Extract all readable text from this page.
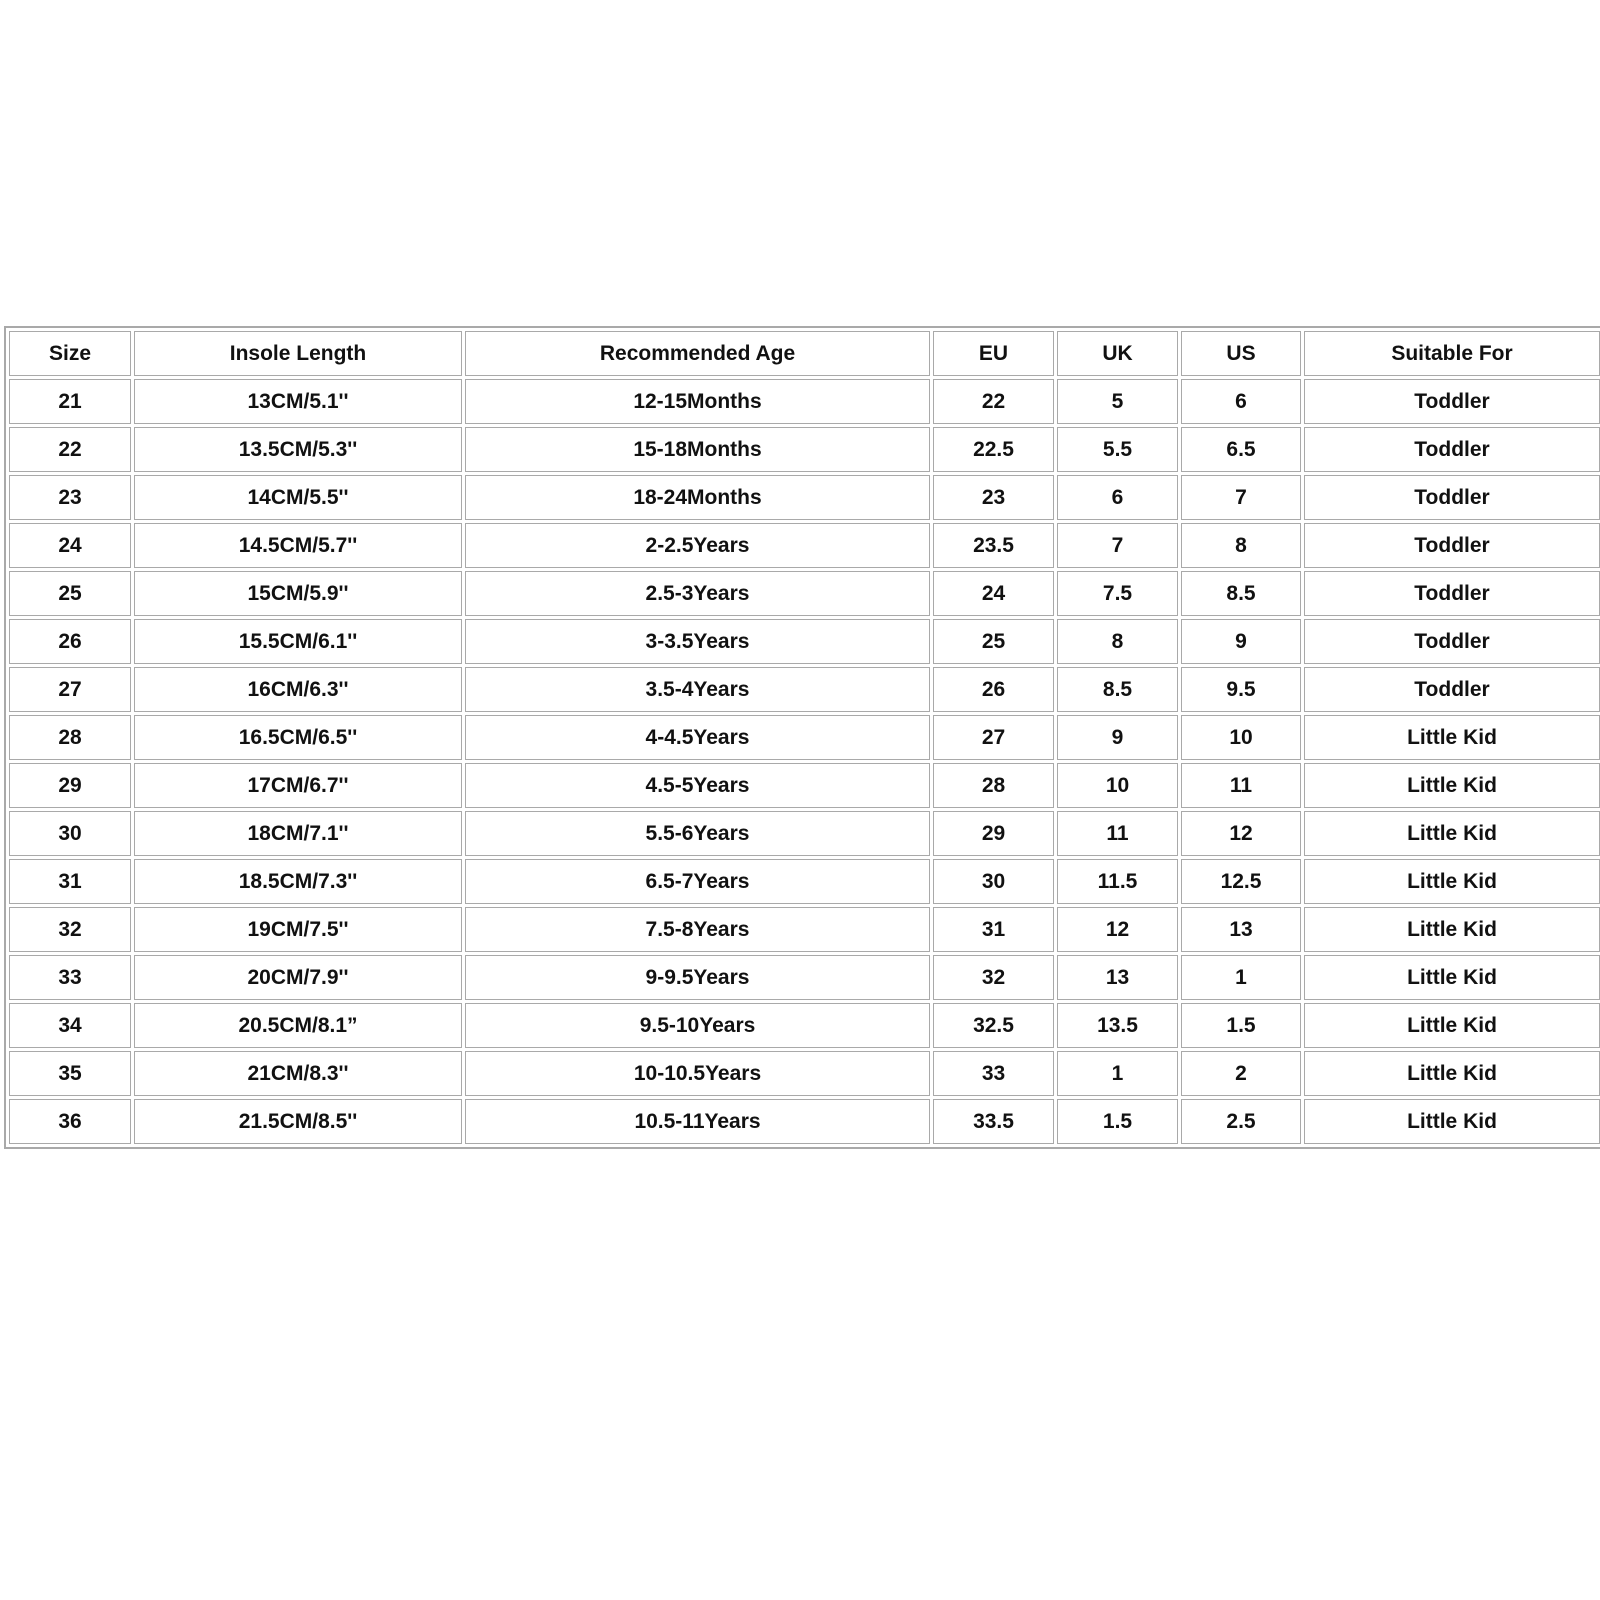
Size	Insole Length	Recommended Age	EU	UK	US	Suitable For
21	13CM/5.1''	12-15Months	22	5	6	Toddler
22	13.5CM/5.3''	15-18Months	22.5	5.5	6.5	Toddler
23	14CM/5.5''	18-24Months	23	6	7	Toddler
24	14.5CM/5.7''	2-2.5Years	23.5	7	8	Toddler
25	15CM/5.9''	2.5-3Years	24	7.5	8.5	Toddler
26	15.5CM/6.1''	3-3.5Years	25	8	9	Toddler
27	16CM/6.3''	3.5-4Years	26	8.5	9.5	Toddler
28	16.5CM/6.5''	4-4.5Years	27	9	10	Little Kid
29	17CM/6.7''	4.5-5Years	28	10	11	Little Kid
30	18CM/7.1''	5.5-6Years	29	11	12	Little Kid
31	18.5CM/7.3''	6.5-7Years	30	11.5	12.5	Little Kid
32	19CM/7.5''	7.5-8Years	31	12	13	Little Kid
33	20CM/7.9''	9-9.5Years	32	13	1	Little Kid
34	20.5CM/8.1”	9.5-10Years	32.5	13.5	1.5	Little Kid
35	21CM/8.3''	10-10.5Years	33	1	2	Little Kid
36	21.5CM/8.5''	10.5-11Years	33.5	1.5	2.5	Little Kid
